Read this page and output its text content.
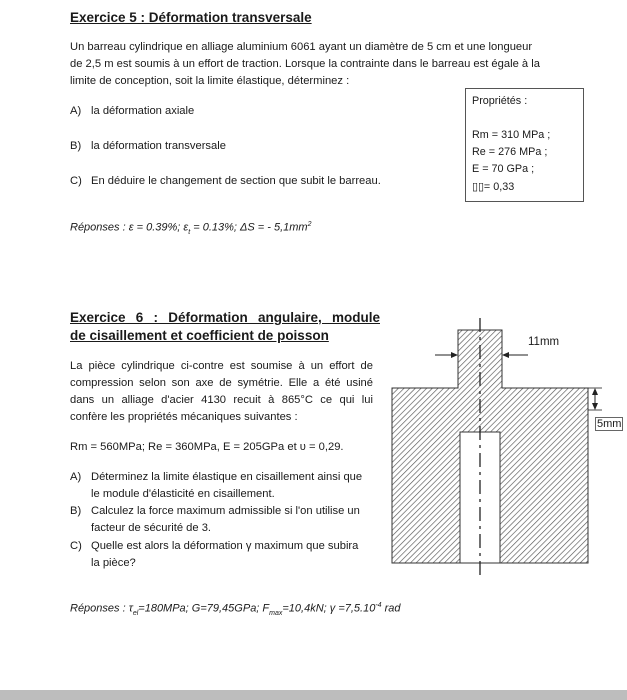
Exercice 5 : Déformation transversale
Un barreau cylindrique en alliage aluminium 6061 ayant un diamètre de 5 cm et une longueur
de 2,5 m est soumis à un effort de traction. Lorsque la contrainte dans le barreau est égale à la
limite de conception, soit la limite élastique, déterminez :
A) la déformation axiale
B) la déformation transversale
C) En déduire le changement de section que subit le barreau.
Propriétés :
Rm = 310 MPa ;
Re = 276 MPa ;
E = 70 GPa ;
▯▯= 0,33
Réponses : ε = 0.39%; $\varepsilon_t = 0.13\%$; ΔS = - $5,1mm^2$
Exercice 6 : Déformation angulaire, module
de cisaillement et coefficient de poisson
La pièce cylindrique ci-contre est soumise à un effort de
compression selon son axe de symétrie. Elle a été usiné
dans un alliage d'acier 4130 recuit à 865°C ce qui lui
confère les propriétés mécaniques suivantes :
Rm = 560MPa; Re = 360MPa, E = 205GPa et υ = 0,29.
A) Déterminez la limite élastique en cisaillement ainsi que
le module d'élasticité en cisaillement.
B) Calculez la force maximum admissible si l'on utilise un
facteur de sécurité de 3.
C) Quelle est alors la déformation γ maximum que subira
la pièce?
Réponses : $\tau_{el}=180MPa$; G=79,45GPa; $F_{max}=10,4kN$; $\gamma =7,5.10^{-4}$ rad
11mm
5mm
